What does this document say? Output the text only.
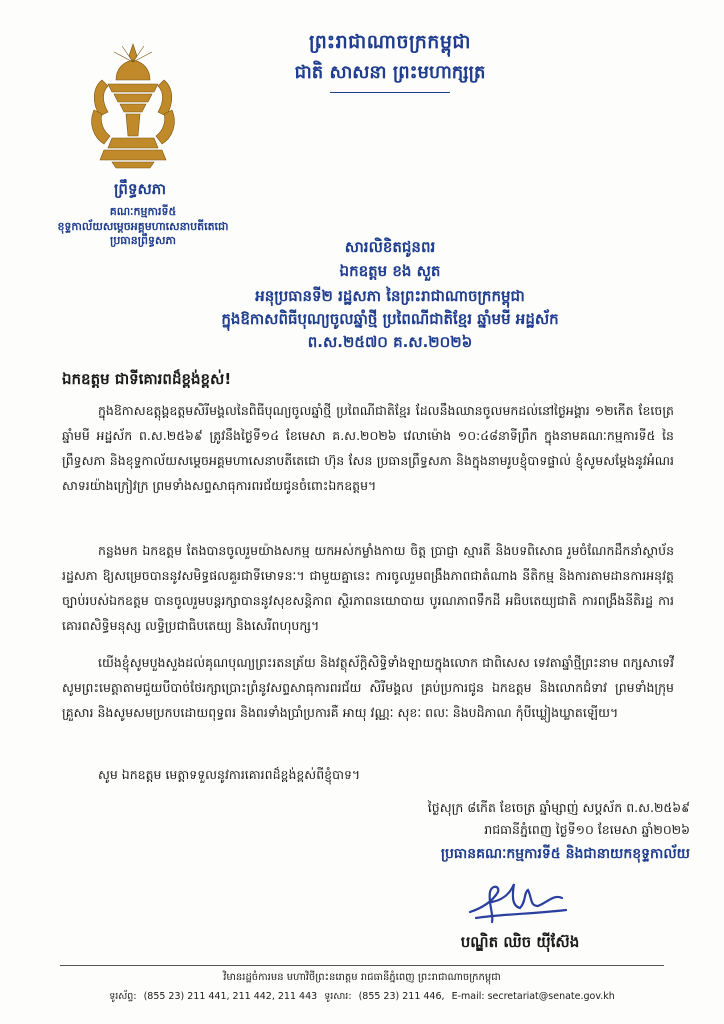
ព្រះរាជាណាចក្រកម្ពុជា
ជាតិ សាសនា ព្រះមហាក្សត្រ
ព្រឹទ្ធសភា
គណៈកម្មការទី៥
ខុទ្ទកាល័យសម្តេចអគ្គមហាសេនាបតីតេជោ
ប្រធានព្រឹទ្ធសភា	សារលិខិតជូនពរ
ឯកឧត្តម ខង សួត
អនុប្រធានទី២ រដ្ឋសភា នៃព្រះរាជាណាចក្រកម្ពុជា
ក្នុងឱកាសពិធីបុណ្យចូលឆ្នាំថ្មី ប្រពៃណីជាតិខ្មែរ ឆ្នាំមមី អដ្ឋស័ក
ព.ស.២៥៧០ គ.ស.២០២៦
ឯកឧត្តម ជាទីគោរពដ៏ខ្ពង់ខ្ពស់!
ក្នុងឱកាសឧត្តុង្គឧត្តមសិរីមង្គលនៃពិធីបុណ្យចូលឆ្នាំថ្មី ប្រពៃណីជាតិខ្មែរ ដែលនឹងឈានចូលមកដល់នៅថ្ងៃអង្គារ ១២កើត ខែចេត្រ ឆ្នាំមមី អដ្ឋស័ក ព.ស.២៥៦៩ ត្រូវនឹងថ្ងៃទី១៤ ខែមេសា គ.ស.២០២៦ វេលាម៉ោង ១០:៤៨នាទីព្រឹក ក្នុងនាមគណៈកម្មការទី៥ នៃព្រឹទ្ធសភា និងខុទ្ទកាល័យសម្តេចអគ្គមហាសេនាបតីតេជោ ហ៊ុន សែន ប្រធានព្រឹទ្ធសភា និងក្នុងនាមរូបខ្ញុំបាទផ្ទាល់ ខ្ញុំសូមសម្តែងនូវអំណរសាទរយ៉ាងក្រៀវក្រ ព្រមទាំងសព្ទសាធុការពរជ័យជូនចំពោះឯកឧត្តម។
កន្លងមក ឯកឧត្តម តែងបានចូលរួមយ៉ាងសកម្ម យកអស់កម្លាំងកាយ ចិត្ត ប្រាជ្ញា ស្មារតី និងបទពិសោធ រួមចំណែកដឹកនាំស្ថាប័នរដ្ឋសភា ឱ្យសម្រេចបាននូវសមិទ្ធផលគួរជាទីមោទនៈ។ ជាមួយគ្នានេះ ការចូលរួមពង្រឹងភាពជាតំណាង នីតិកម្ម និងការតាមដានការអនុវត្តច្បាប់របស់ឯកឧត្តម បានចូលរួមបន្តរក្សាបាននូវសុខសន្តិភាព ស្ថិរភាពនយោបាយ បូរណភាពទឹកដី អធិបតេយ្យជាតិ ការពង្រឹងនីតិរដ្ឋ ការគោរពសិទ្ធិមនុស្ស លទ្ធិប្រជាធិបតេយ្យ និងសេរីពហុបក្ស។
យើងខ្ញុំសូមបួងសួងដល់គុណបុណ្យព្រះរតនត្រ័យ និងវត្ថុស័ក្តិសិទ្ធិទាំងឡាយក្នុងលោក ជាពិសេស ទេវតាឆ្នាំថ្មីព្រះនាម ពក្សសាទេវី សូមព្រះមេត្តាតាមជួយបីបាច់ថែរក្សាប្រោះព្រំនូវសព្ទសាធុការពរជ័យ សិរីមង្គល គ្រប់ប្រការជូន ឯកឧត្តម និងលោកជំទាវ ព្រមទាំងក្រុមគ្រួសារ និងសូមសមប្រកបដោយពុទ្ធពរ និងពរទាំងប្រាំប្រការគឺ អាយុ វណ្ណៈ សុខៈ ពលៈ និងបដិភាណ កុំបីឃ្លៀងឃ្លាតឡើយ។
សូម ឯកឧត្តម មេត្តាទទួលនូវការគោរពដ៏ខ្ពង់ខ្ពស់ពីខ្ញុំបាទ។
ថ្ងៃសុក្រ ៨កើត ខែចេត្រ ឆ្នាំម្សាញ់ សប្តស័ក ព.ស.២៥៦៩
រាជធានីភ្នំពេញ ថ្ងៃទី១០ ខែមេសា ឆ្នាំ២០២៦
ប្រធានគណៈកម្មការទី៥ និងជានាយកខុទ្ទកាល័យ
បណ្ឌិត ឈិច យ៉ីស៊ែង
វិមានរដ្ឋចំការមន មហាវិថីព្រះនរោត្តម រាជធានីភ្នំពេញ ព្រះរាជាណាចក្រកម្ពុជា
ទូរស័ព្ទ: (855 23) 211 441, 211 442, 211 443 ទូរសារ: (855 23) 211 446, E-mail: secretariat@senate.gov.kh
